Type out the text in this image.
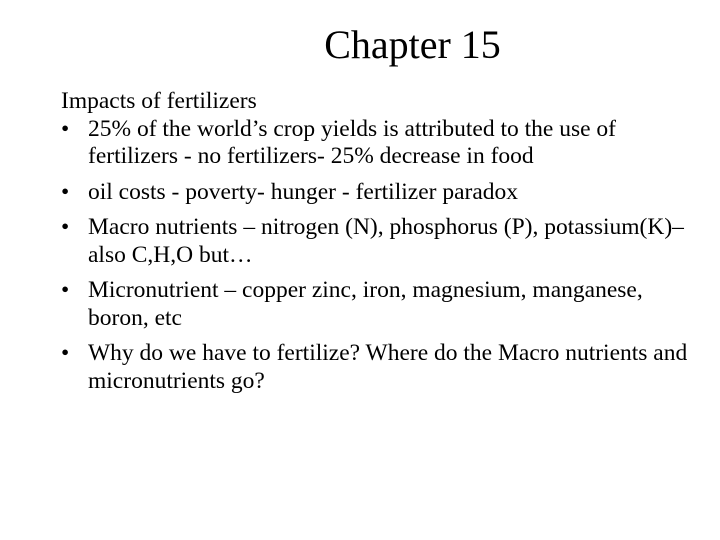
Chapter 15

Impacts of fertilizers

• 25% of the world’s crop yields is attributed to the use of fertilizers - no fertilizers- 25% decrease in food
• oil costs - poverty- hunger - fertilizer paradox
• Macro nutrients – nitrogen (N), phosphorus (P), potassium(K)– also C,H,O but…
• Micronutrient – copper zinc, iron, magnesium, manganese, boron, etc
• Why do we have to fertilize? Where do the Macro nutrients and micronutrients go?
